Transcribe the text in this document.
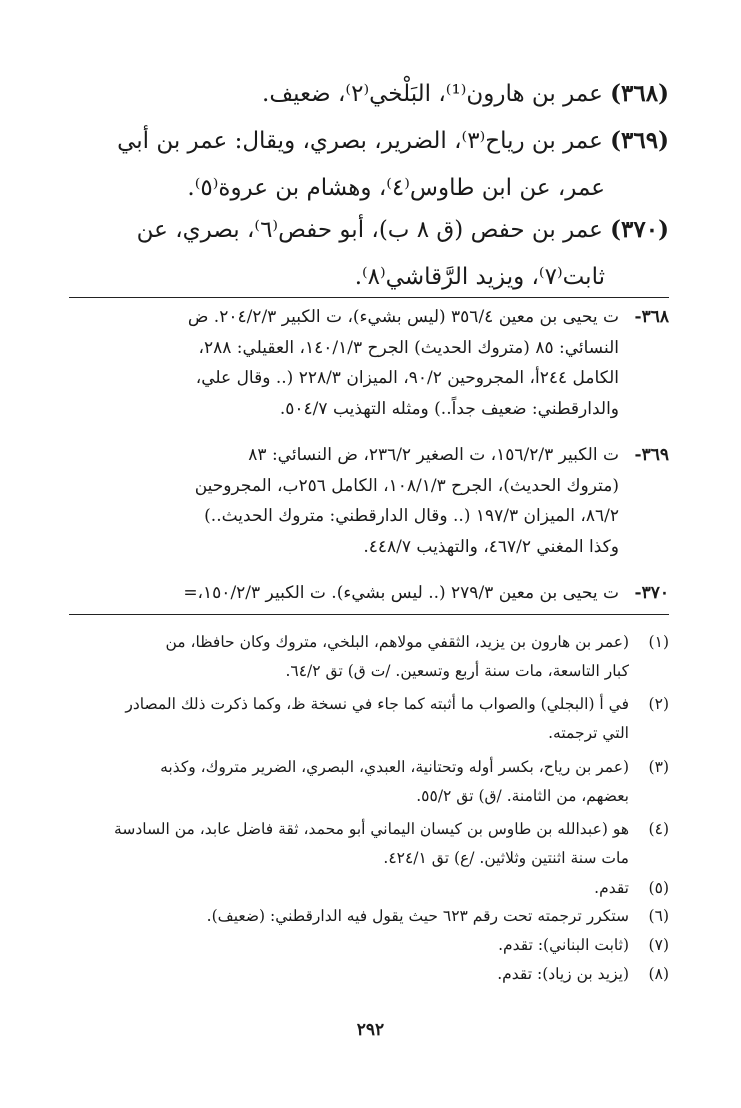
(٣٦٨) عمر بن هارون⁽¹⁾، البَلْخي⁽٢⁾، ضعيف.
(٣٦٩) عمر بن رياح⁽٣⁾، الضرير، بصري، ويقال: عمر بن أبي
عمر، عن ابن طاوس⁽٤⁾، وهشام بن عروة⁽٥⁾.
(٣٧٠) عمر بن حفص (ق ٨ ب)، أبو حفص⁽٦⁾، بصري، عن
ثابت⁽٧⁾، ويزيد الرَّقاشي⁽٨⁾.
٣٦٨-ت يحيى بن معين ٣٥٦/٤ (ليس بشيء)، ت الكبير ٢٠٤/٢/٣. ض
النسائي: ٨٥ (متروك الحديث) الجرح ١٤٠/١/٣، العقيلي: ٢٨٨،
الكامل ٢٤٤أ، المجروحين ٩٠/٢، الميزان ٢٢٨/٣ (.. وقال علي،
والدارقطني: ضعيف جداً..) ومثله التهذيب ٥٠٤/٧.
٣٦٩-ت الكبير ١٥٦/٢/٣، ت الصغير ٢٣٦/٢، ض النسائي: ٨٣
(متروك الحديث)، الجرح ١٠٨/١/٣، الكامل ٢٥٦ب، المجروحين
٨٦/٢، الميزان ١٩٧/٣ (.. وقال الدارقطني: متروك الحديث..)
وكذا المغني ٤٦٧/٢، والتهذيب ٤٤٨/٧.
٣٧٠-ت يحيى بن معين ٢٧٩/٣ (.. ليس بشيء). ت الكبير ١٥٠/٢/٣،=
(١)(عمر بن هارون بن يزيد، الثقفي مولاهم، البلخي، متروك وكان حافظا، من
كبار التاسعة، مات سنة أربع وتسعين. /ت ق) تق ٦٤/٢.
(٢)في أ (البجلي) والصواب ما أثبته كما جاء في نسخة ظ، وكما ذكرت ذلك المصادر
التي ترجمته.
(٣)(عمر بن رياح، بكسر أوله وتحتانية، العبدي، البصري، الضرير متروك، وكذبه
بعضهم، من الثامنة. /ق) تق ٥٥/٢.
(٤)هو (عبدالله بن طاوس بن كيسان اليماني أبو محمد، ثقة فاضل عابد، من السادسة
مات سنة اثنتين وثلاثين. /ع) تق ٤٢٤/١.
(٥)تقدم.
(٦)ستكرر ترجمته تحت رقم ٦٢٣ حيث يقول فيه الدارقطني: (ضعيف).
(٧)(ثابت البناني): تقدم.
(٨)(يزيد بن زياد): تقدم.
٢٩٢
